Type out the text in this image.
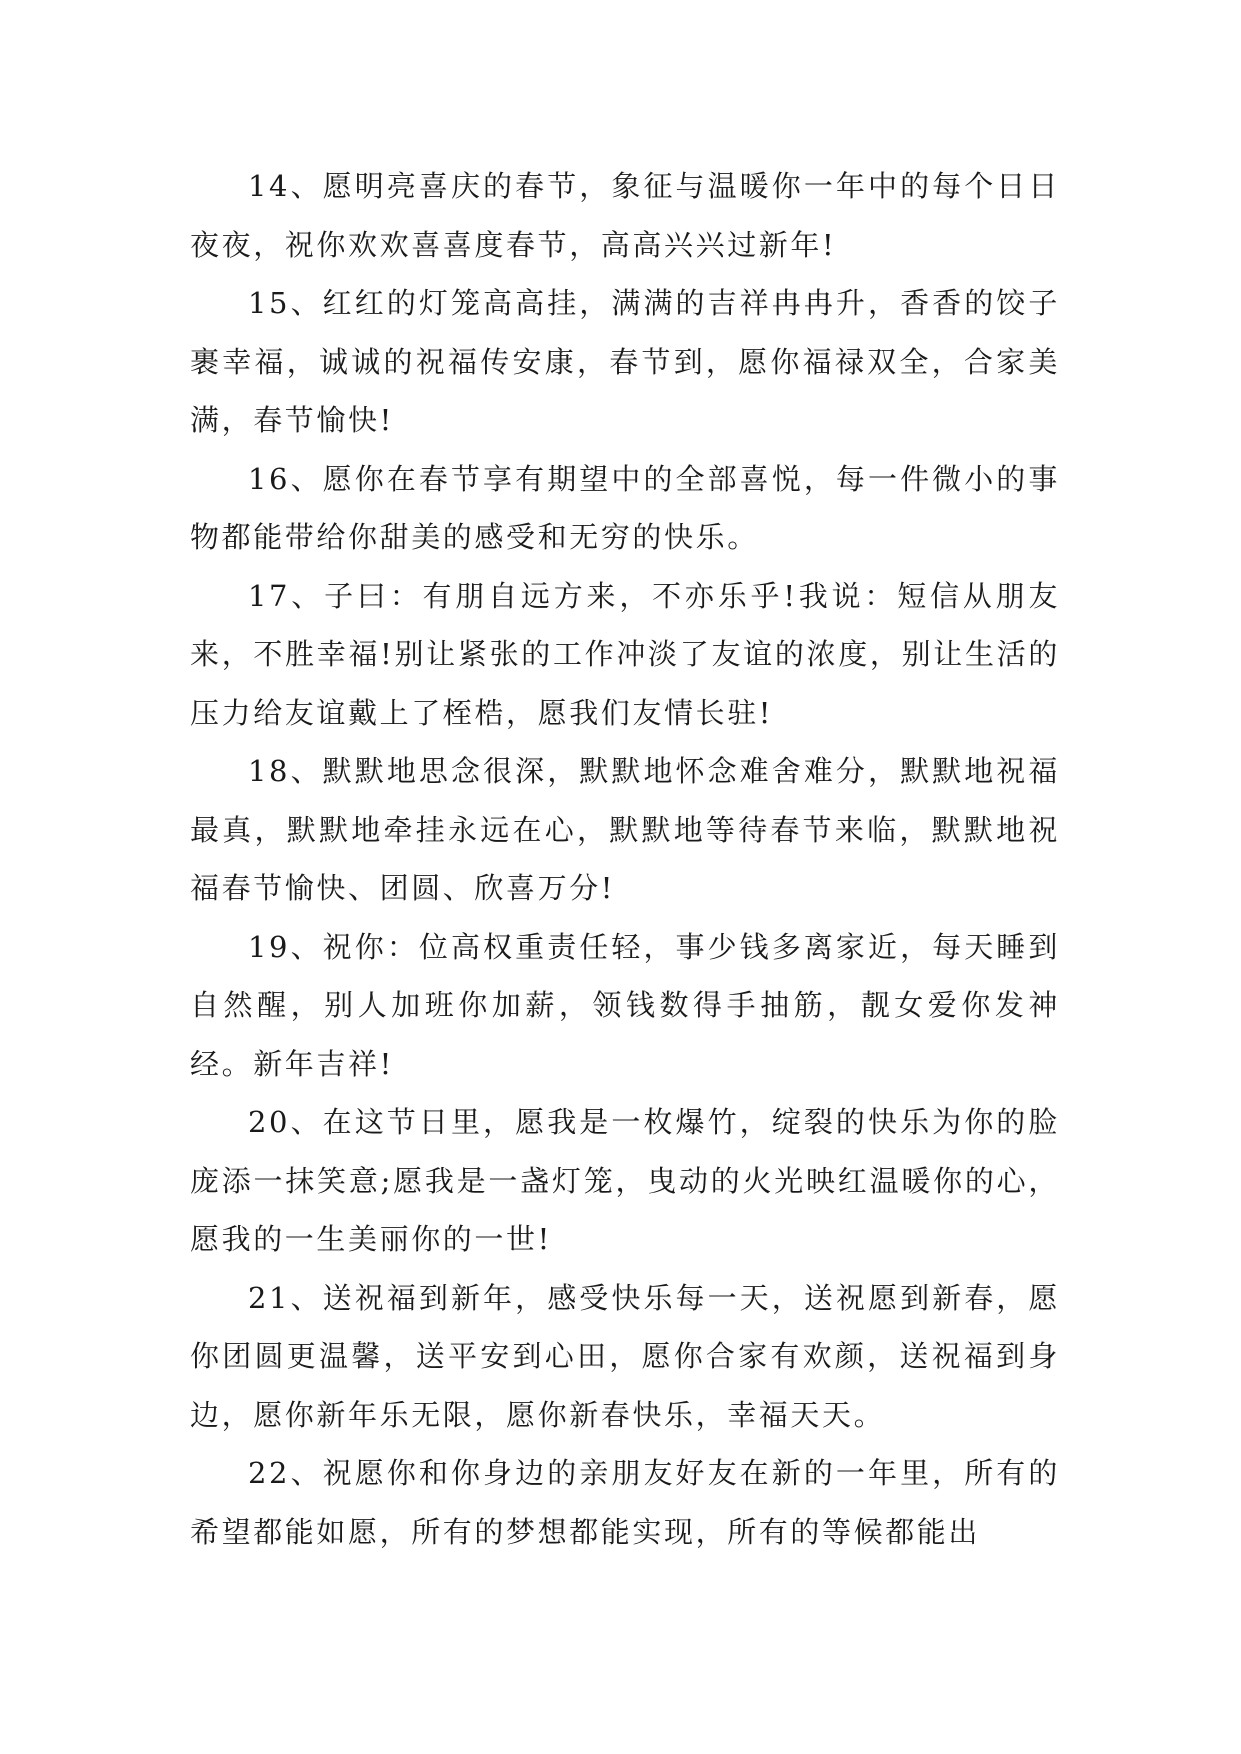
14、愿明亮喜庆的春节，象征与温暖你一年中的每个日日夜夜，祝你欢欢喜喜度春节，高高兴兴过新年!

15、红红的灯笼高高挂，满满的吉祥冉冉升，香香的饺子裹幸福，诚诚的祝福传安康，春节到，愿你福禄双全，合家美满，春节愉快!

16、愿你在春节享有期望中的全部喜悦，每一件微小的事物都能带给你甜美的感受和无穷的快乐。

17、子曰：有朋自远方来，不亦乐乎!我说：短信从朋友来，不胜幸福!别让紧张的工作冲淡了友谊的浓度，别让生活的压力给友谊戴上了桎梏，愿我们友情长驻!

18、默默地思念很深，默默地怀念难舍难分，默默地祝福最真，默默地牵挂永远在心，默默地等待春节来临，默默地祝福春节愉快、团圆、欣喜万分!

19、祝你：位高权重责任轻，事少钱多离家近，每天睡到自然醒，别人加班你加薪，领钱数得手抽筋，靓女爱你发神经。新年吉祥!

20、在这节日里，愿我是一枚爆竹，绽裂的快乐为你的脸庞添一抹笑意;愿我是一盏灯笼，曳动的火光映红温暖你的心，愿我的一生美丽你的一世!

21、送祝福到新年，感受快乐每一天，送祝愿到新春，愿你团圆更温馨，送平安到心田，愿你合家有欢颜，送祝福到身边，愿你新年乐无限，愿你新春快乐，幸福天天。

22、祝愿你和你身边的亲朋友好友在新的一年里，所有的希望都能如愿，所有的梦想都能实现，所有的等候都能出
